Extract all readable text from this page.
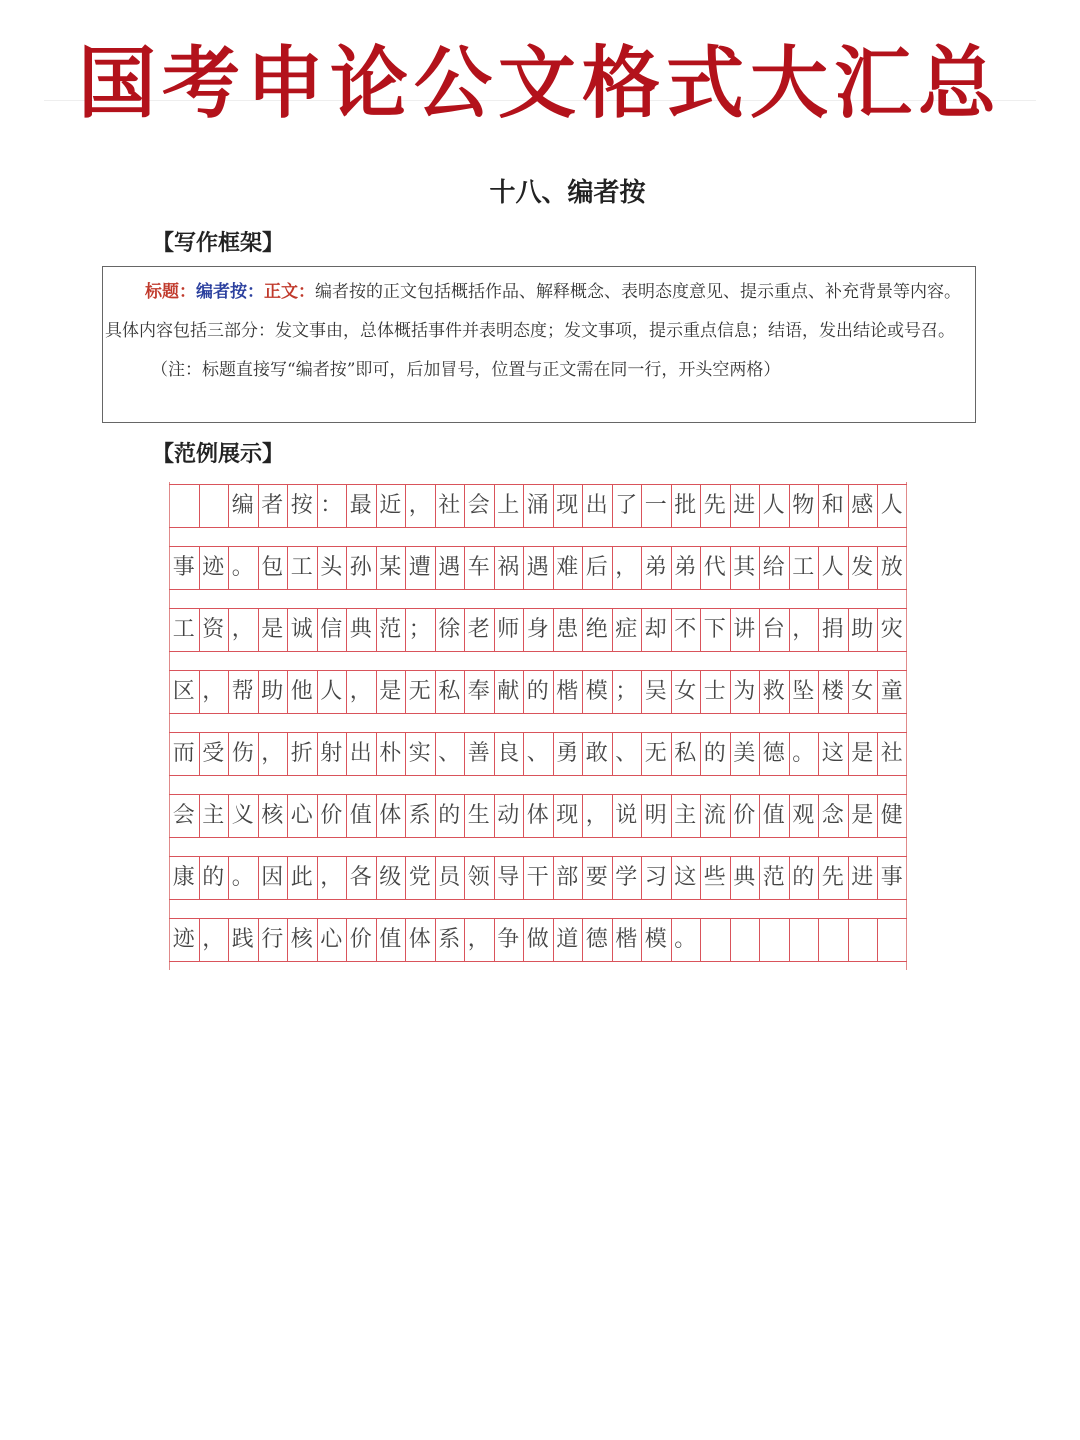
国考申论公文格式大汇总
十八、编者按
【写作框架】

标题：编者按：正文：编者按的正文包括概括作品、解释概念、表明态度意见、提示重点、补充背景等内容。具体内容包括三部分：发文事由，总体概括事件并表明态度；发文事项，提示重点信息；结语，发出结论或号召。

（注：标题直接写“编者按”即可，后加冒号，位置与正文需在同一行，开头空两格）

【范例展示】
编 者 按 ： 最 近 ， 社 会 上 涌 现 出 了 一 批 先 进 人 物 和 感 人
事 迹 。 包 工 头 孙 某 遭 遇 车 祸 遇 难 后 ， 弟 弟 代 其 给 工 人 发 放
工 资 ， 是 诚 信 典 范 ； 徐 老 师 身 患 绝 症 却 不 下 讲 台 ， 捐 助 灾
区 ， 帮 助 他 人 ， 是 无 私 奉 献 的 楷 模 ； 吴 女 士 为 救 坠 楼 女 童
而 受 伤 ， 折 射 出 朴 实 、 善 良 、 勇 敢 、 无 私 的 美 德 。 这 是 社
会 主 义 核 心 价 值 体 系 的 生 动 体 现 ， 说 明 主 流 价 值 观 念 是 健
康 的 。 因 此 ， 各 级 党 员 领 导 干 部 要 学 习 这 些 典 范 的 先 进 事
迹 ， 践 行 核 心 价 值 体 系 ， 争 做 道 德 楷 模 。
